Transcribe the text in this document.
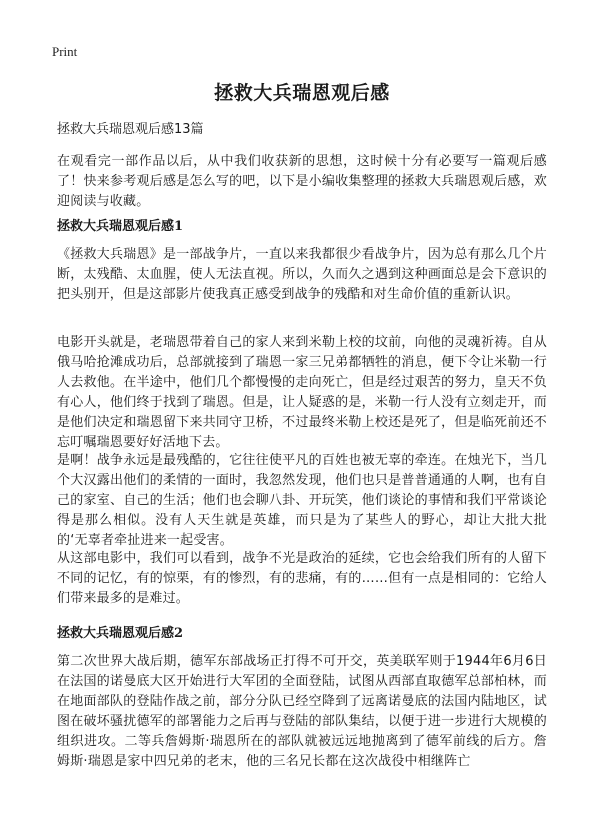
Print
拯救大兵瑞恩观后感

拯救大兵瑞恩观后感13篇

在观看完一部作品以后，从中我们收获新的思想，这时候十分有必要写一篇观后感了！快来参考观后感是怎么写的吧，以下是小编收集整理的拯救大兵瑞恩观后感，欢迎阅读与收藏。

拯救大兵瑞恩观后感1

《拯救大兵瑞恩》是一部战争片，一直以来我都很少看战争片，因为总有那么几个片断，太残酷、太血腥，使人无法直视。所以，久而久之遇到这种画面总是会下意识的把头别开，但是这部影片使我真正感受到战争的残酷和对生命价值的重新认识。

电影开头就是，老瑞恩带着自己的家人来到米勒上校的坟前，向他的灵魂祈祷。自从俄马哈抢滩成功后，总部就接到了瑞恩一家三兄弟都牺牲的消息，便下令让米勒一行人去救他。在半途中，他们几个都慢慢的走向死亡，但是经过艰苦的努力，皇天不负有心人，他们终于找到了瑞恩。但是，让人疑惑的是，米勒一行人没有立刻走开，而是他们决定和瑞恩留下来共同守卫桥，不过最终米勒上校还是死了，但是临死前还不忘叮嘱瑞恩要好好活地下去。

是啊！战争永远是最残酷的，它往往使平凡的百姓也被无辜的牵连。在烛光下，当几个大汉露出他们的柔情的一面时，我忽然发现，他们也只是普普通通的人啊，也有自己的家室、自己的生活；他们也会聊八卦、开玩笑，他们谈论的事情和我们平常谈论得是那么相似。没有人天生就是英雄，而只是为了某些人的野心，却让大批大批的‘无辜者牵扯进来一起受害。

从这部电影中，我们可以看到，战争不光是政治的延续，它也会给我们所有的人留下不同的记忆，有的惊栗，有的惨烈，有的悲痛，有的……但有一点是相同的：它给人们带来最多的是难过。

拯救大兵瑞恩观后感2

第二次世界大战后期，德军东部战场正打得不可开交，英美联军则于1944年6月6日在法国的诺曼底大区开始进行大军团的全面登陆，试图从西部直取德军总部柏林，而在地面部队的登陆作战之前，部分分队已经空降到了远离诺曼底的法国内陆地区，试图在破坏骚扰德军的部署能力之后再与登陆的部队集结，以便于进一步进行大规模的组织进攻。二等兵詹姆斯·瑞恩所在的部队就被远远地抛离到了德军前线的后方。詹姆斯·瑞恩是家中四兄弟的老末，他的三名兄长都在这次战役中相继阵亡
